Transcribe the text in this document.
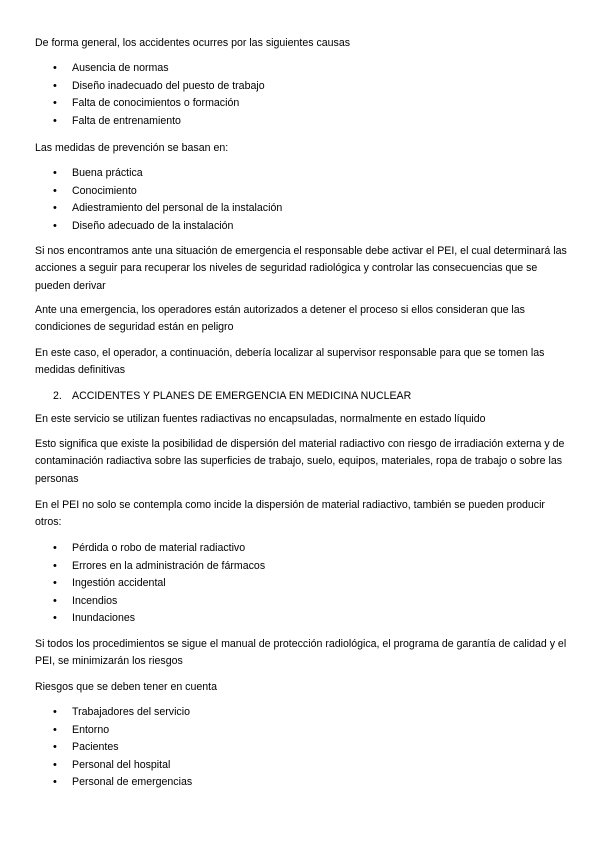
De forma general, los accidentes ocurres por las siguientes causas

• Ausencia de normas
• Diseño inadecuado del puesto de trabajo
• Falta de conocimientos o formación
• Falta de entrenamiento

Las medidas de prevención se basan en:

• Buena práctica
• Conocimiento
• Adiestramiento del personal de la instalación
• Diseño adecuado de la instalación

Si nos encontramos ante una situación de emergencia el responsable debe activar el PEI, el cual determinará las acciones a seguir para recuperar los niveles de seguridad radiológica y controlar las consecuencias que se pueden derivar

Ante una emergencia, los operadores están autorizados a detener el proceso si ellos consideran que las condiciones de seguridad están en peligro

En este caso, el operador, a continuación, debería localizar al supervisor responsable para que se tomen las medidas definitivas

2. ACCIDENTES Y PLANES DE EMERGENCIA EN MEDICINA NUCLEAR

En este servicio se utilizan fuentes radiactivas no encapsuladas, normalmente en estado líquido

Esto significa que existe la posibilidad de dispersión del material radiactivo con riesgo de irradiación externa y de contaminación radiactiva sobre las superficies de trabajo, suelo, equipos, materiales, ropa de trabajo o sobre las personas

En el PEI no solo se contempla como incide la dispersión de material radiactivo, también se pueden producir otros:

• Pérdida o robo de material radiactivo
• Errores en la administración de fármacos
• Ingestión accidental
• Incendios
• Inundaciones

Si todos los procedimientos se sigue el manual de protección radiológica, el programa de garantía de calidad y el PEI, se minimizarán los riesgos

Riesgos que se deben tener en cuenta

• Trabajadores del servicio
• Entorno
• Pacientes
• Personal del hospital
• Personal de emergencias
